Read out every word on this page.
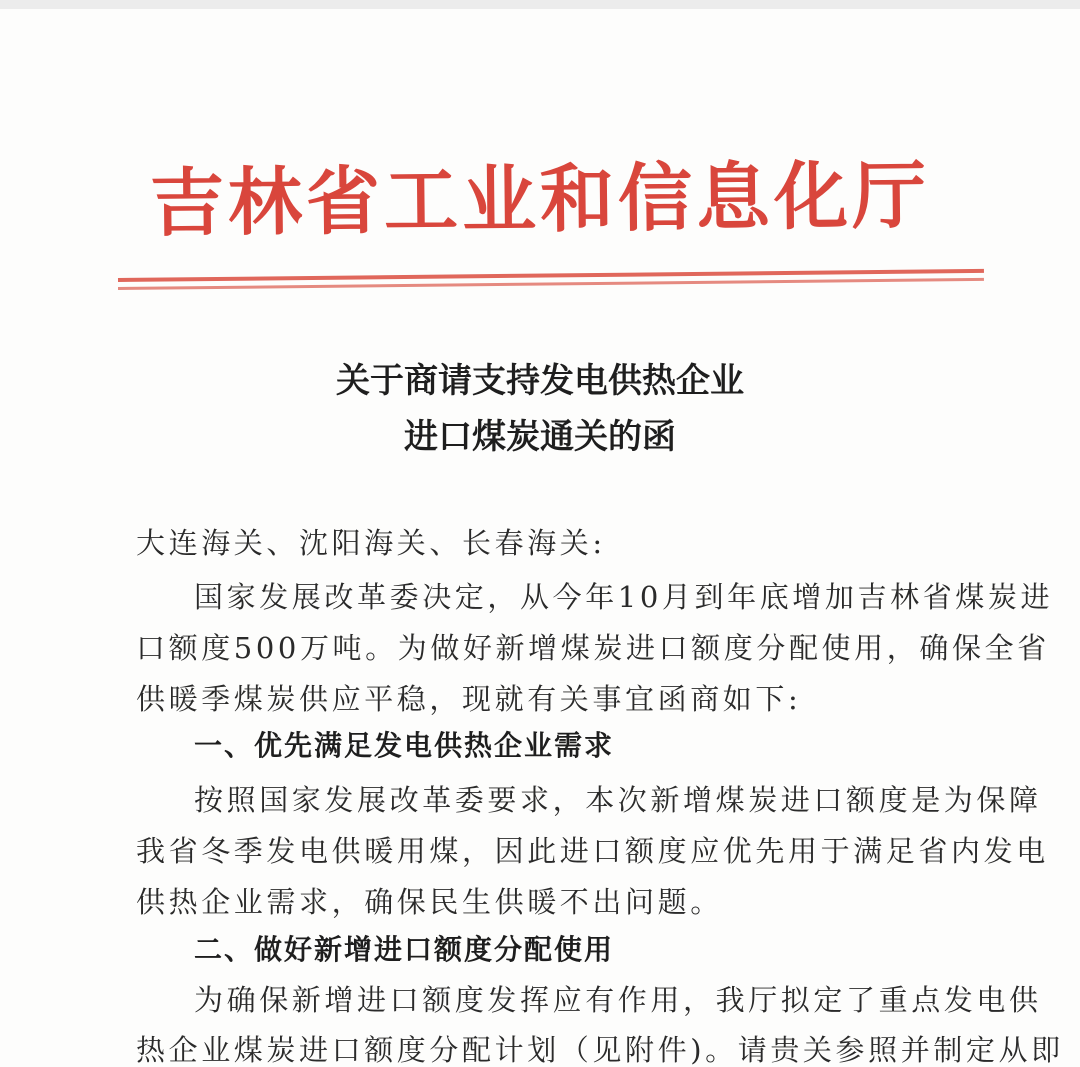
吉林省工业和信息化厅
关于商请支持发电供热企业
进口煤炭通关的函
大连海关、沈阳海关、长春海关:
国家发展改革委决定，从今年10月到年底增加吉林省煤炭进
口额度500万吨。为做好新增煤炭进口额度分配使用，确保全省
供暖季煤炭供应平稳，现就有关事宜函商如下:
一、优先满足发电供热企业需求
按照国家发展改革委要求，本次新增煤炭进口额度是为保障
我省冬季发电供暖用煤，因此进口额度应优先用于满足省内发电
供热企业需求，确保民生供暖不出问题。
二、做好新增进口额度分配使用
为确保新增进口额度发挥应有作用，我厅拟定了重点发电供
热企业煤炭进口额度分配计划（见附件)。请贵关参照并制定从即
